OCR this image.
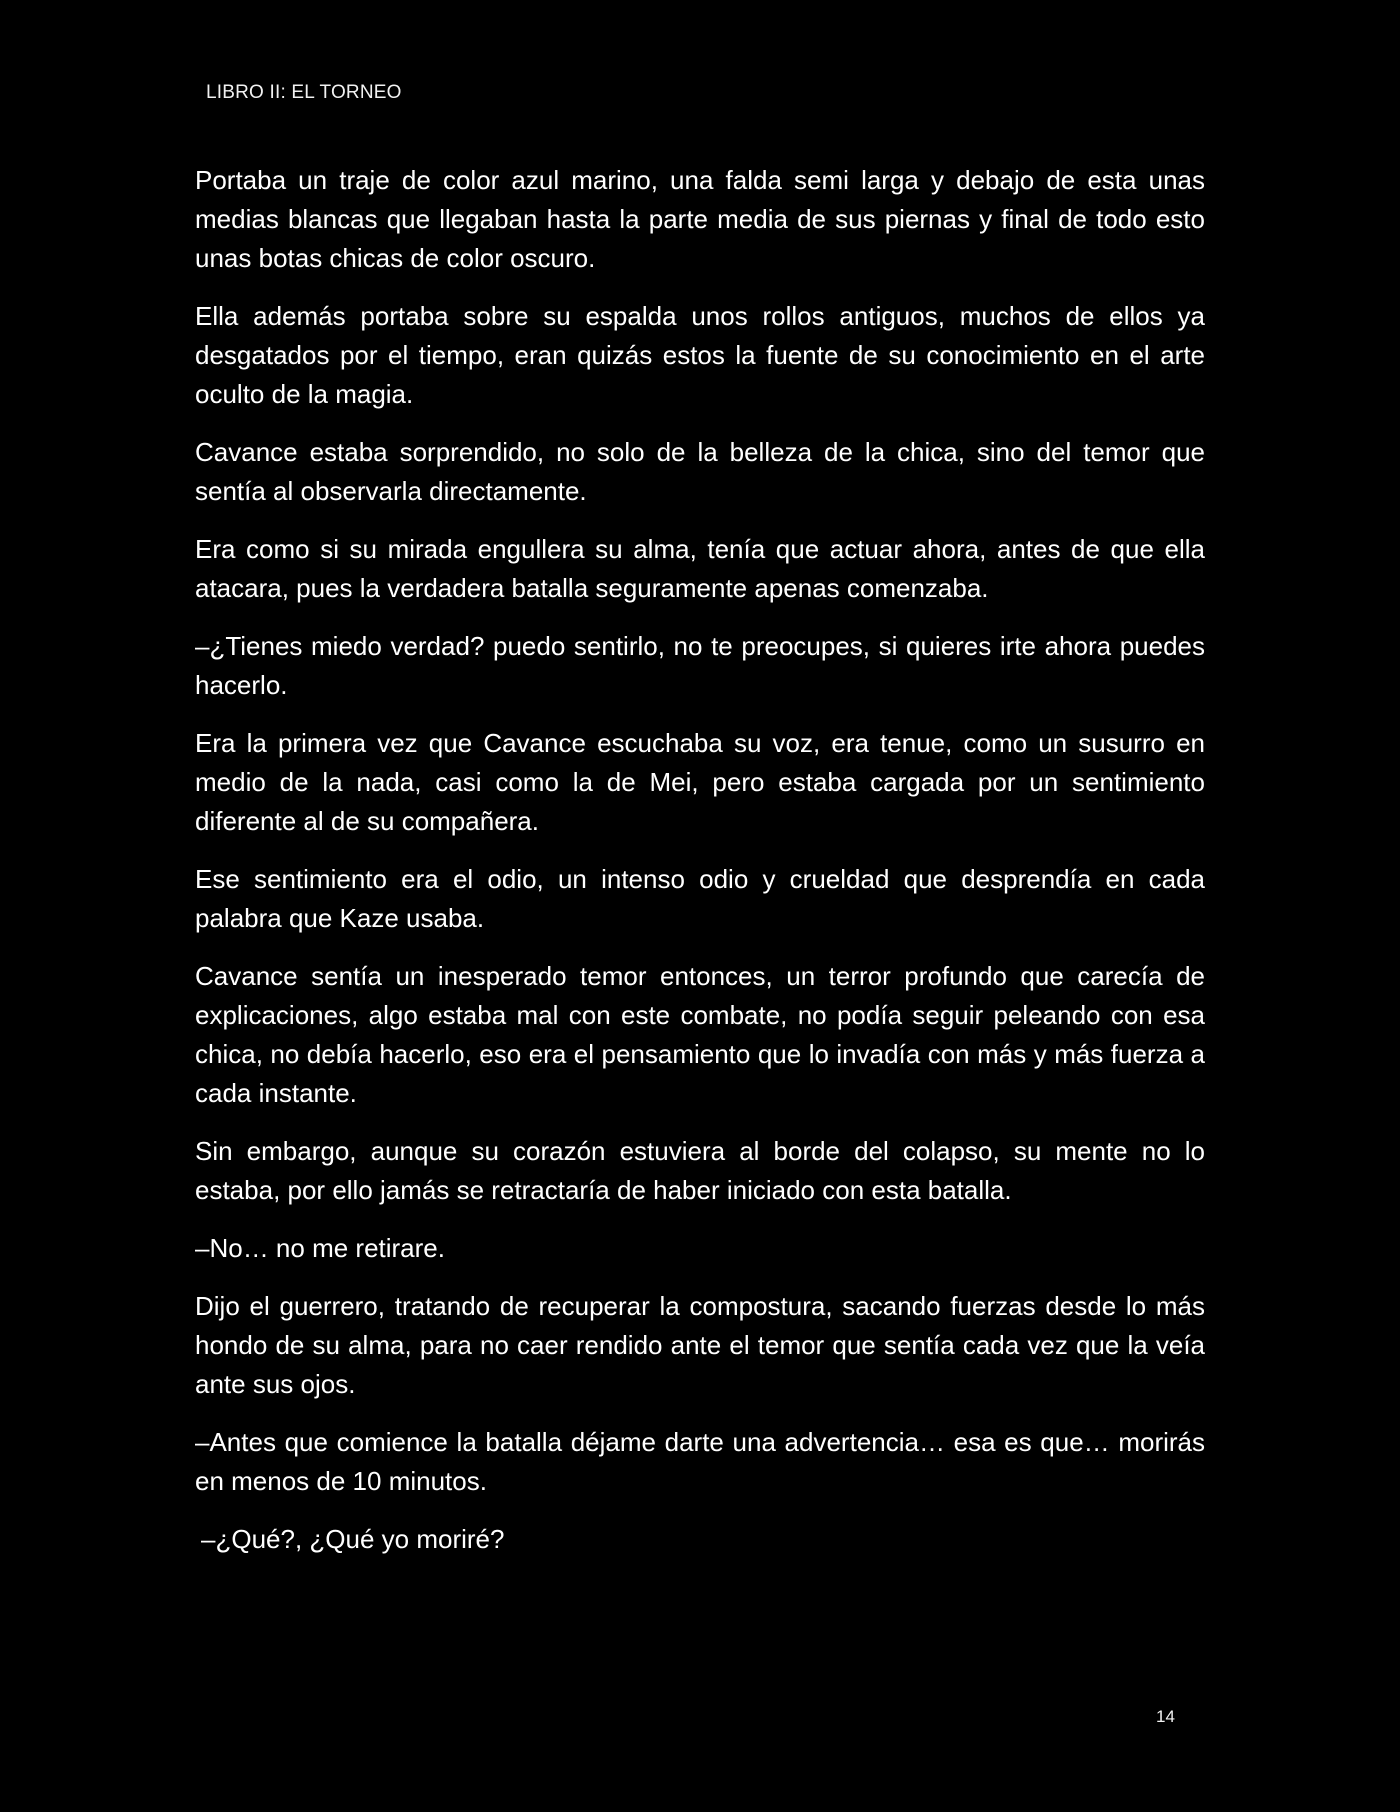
LIBRO II: EL TORNEO

Portaba un traje de color azul marino, una falda semi larga y debajo de esta unas medias blancas que llegaban hasta la parte media de sus piernas y final de todo esto unas botas chicas de color oscuro.

Ella además portaba sobre su espalda unos rollos antiguos, muchos de ellos ya desgatados por el tiempo, eran quizás estos la fuente de su conocimiento en el arte oculto de la magia.

Cavance estaba sorprendido, no solo de la belleza de la chica, sino del temor que sentía al observarla directamente.

Era como si su mirada engullera su alma, tenía que actuar ahora, antes de que ella atacara, pues la verdadera batalla seguramente apenas comenzaba.

–¿Tienes miedo verdad? puedo sentirlo, no te preocupes, si quieres irte ahora puedes hacerlo.

Era la primera vez que Cavance escuchaba su voz, era tenue, como un susurro en medio de la nada, casi como la de Mei, pero estaba cargada por un sentimiento diferente al de su compañera.

Ese sentimiento era el odio, un intenso odio y crueldad que desprendía en cada palabra que Kaze usaba.

Cavance sentía un inesperado temor entonces, un terror profundo que carecía de explicaciones, algo estaba mal con este combate, no podía seguir peleando con esa chica, no debía hacerlo, eso era el pensamiento que lo invadía con más y más fuerza a cada instante.

Sin embargo, aunque su corazón estuviera al borde del colapso, su mente no lo estaba, por ello jamás se retractaría de haber iniciado con esta batalla.

–No… no me retirare.

Dijo el guerrero, tratando de recuperar la compostura, sacando fuerzas desde lo más hondo de su alma, para no caer rendido ante el temor que sentía cada vez que la veía ante sus ojos.

–Antes que comience la batalla déjame darte una advertencia… esa es que… morirás en menos de 10 minutos.

–¿Qué?, ¿Qué yo moriré?

14
